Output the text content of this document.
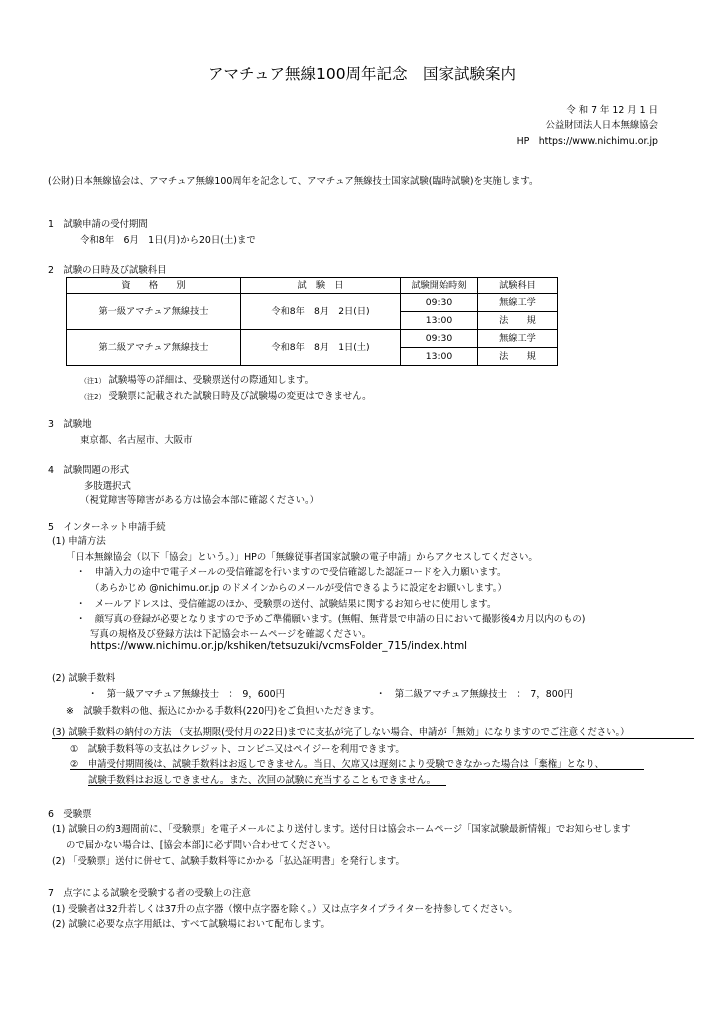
アマチュア無線100周年記念　国家試験案内
令 和 7 年 12 月 1 日
公益財団法人日本無線協会
HP　https://www.nichimu.or.jp
(公財)日本無線協会は、アマチュア無線100周年を記念して、アマチュア無線技士国家試験(臨時試験)を実施します。
1　試験申請の受付期間
令和8年　6月　1日(月)から20日(土)まで
2　試験の日時及び試験科目
資　　格　　別	試　験　日	試験開始時刻	試験科目
第一級アマチュア無線技士	令和8年　8月　2日(日)	09:30	無線工学
		13:00	法　　規
第二級アマチュア無線技士	令和8年　8月　1日(土)	09:30	無線工学
		13:00	法　　規
（注1） 試験場等の詳細は、受験票送付の際通知します。
（注2） 受験票に記載された試験日時及び試験場の変更はできません。
3　試験地
東京都、名古屋市、大阪市
4　試験問題の形式
多肢選択式
（視覚障害等障害がある方は協会本部に確認ください。）
5　インターネット申請手続
(1) 申請方法
「日本無線協会（以下「協会」という。）」HPの「無線従事者国家試験の電子申請」からアクセスしてください。
・　申請入力の途中で電子メールの受信確認を行いますので受信確認した認証コードを入力願います。
（あらかじめ @nichimu.or.jp のドメインからのメールが受信できるように設定をお願いします。）
・　メールアドレスは、受信確認のほか、受験票の送付、試験結果に関するお知らせに使用します。
・　顔写真の登録が必要となりますので予めご準備願います。(無帽、無背景で申請の日において撮影後4カ月以内のもの)
写真の規格及び登録方法は下記協会ホームページを確認ください。
https://www.nichimu.or.jp/kshiken/tetsuzuki/vcmsFolder_715/index.html
(2) 試験手数料
・　第一級アマチュア無線技士　：　9，600円	・　第二級アマチュア無線技士　：　7，800円
※　試験手数料の他、振込にかかる手数料(220円)をご負担いただきます。
(3) 試験手数料の納付の方法 （支払期限(受付月の22日)までに支払が完了しない場合、申請が「無効」になりますのでご注意ください。）
①　試験手数料等の支払はクレジット、コンビニ又はペイジーを利用できます。
②　申請受付期間後は、試験手数料はお返しできません。当日、欠席又は遅刻により受験できなかった場合は「棄権」となり、
試験手数料はお返しできません。また、次回の試験に充当することもできません。
6　受験票
(1) 試験日の約3週間前に、「受験票」を電子メールにより送付します。送付日は協会ホームページ「国家試験最新情報」でお知らせします
ので届かない場合は、[協会本部]に必ず問い合わせてください。
(2) 「受験票」送付に併せて、試験手数料等にかかる「払込証明書」を発行します。
7　点字による試験を受験する者の受験上の注意
(1) 受験者は32升若しくは37升の点字器（懐中点字器を除く。）又は点字タイプライターを持参してください。
(2) 試験に必要な点字用紙は、すべて試験場において配布します。
